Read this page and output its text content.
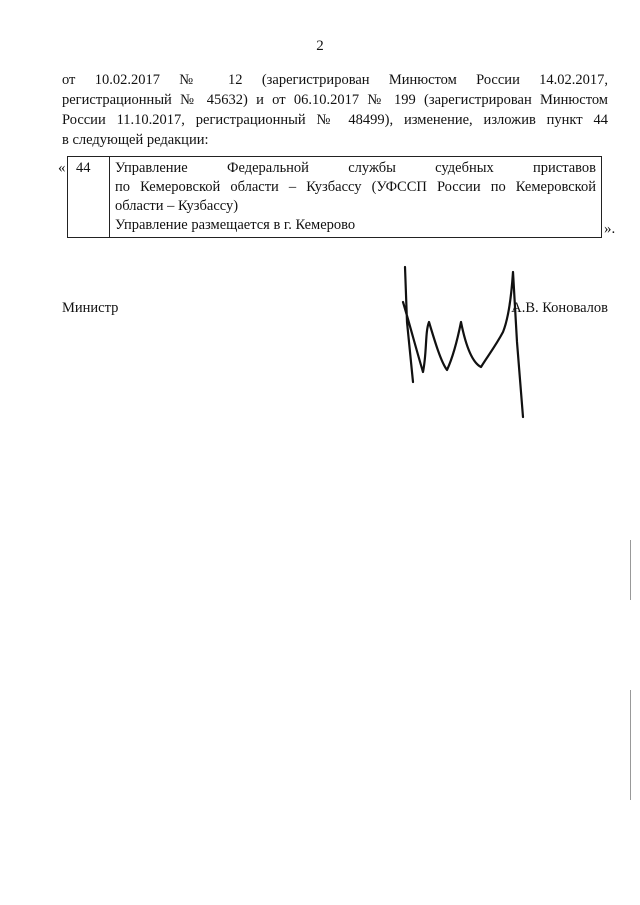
2
от 10.02.2017 № 12 (зарегистрирован Минюстом России 14.02.2017,
регистрационный № 45632) и от 06.10.2017 № 199 (зарегистрирован Минюстом
России 11.10.2017, регистрационный № 48499), изменение, изложив пункт 44
в следующей редакции:
« 44	Управление Федеральной службы судебных приставов
по Кемеровской области – Кузбассу (УФССП России по Кемеровской
области – Кузбассу)
Управление размещается в г. Кемерово	».
Министр	А.В. Коновалов
